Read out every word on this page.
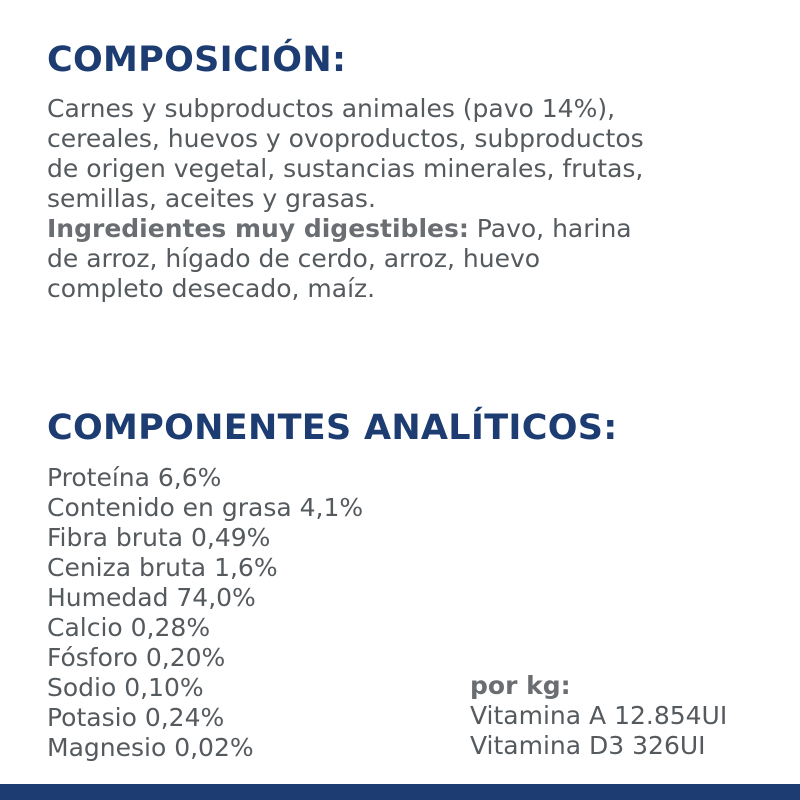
COMPOSICIÓN:
Carnes y subproductos animales (pavo 14%),
cereales, huevos y ovoproductos, subproductos
de origen vegetal, sustancias minerales, frutas,
semillas, aceites y grasas.
Ingredientes muy digestibles: Pavo, harina
de arroz, hígado de cerdo, arroz, huevo
completo desecado, maíz.
COMPONENTES ANALÍTICOS:
Proteína 6,6%
Contenido en grasa 4,1%
Fibra bruta 0,49%
Ceniza bruta 1,6%
Humedad 74,0%
Calcio 0,28%
Fósforo 0,20%
Sodio 0,10%
Potasio 0,24%
Magnesio 0,02%
por kg:
Vitamina A 12.854UI
Vitamina D3 326UI
